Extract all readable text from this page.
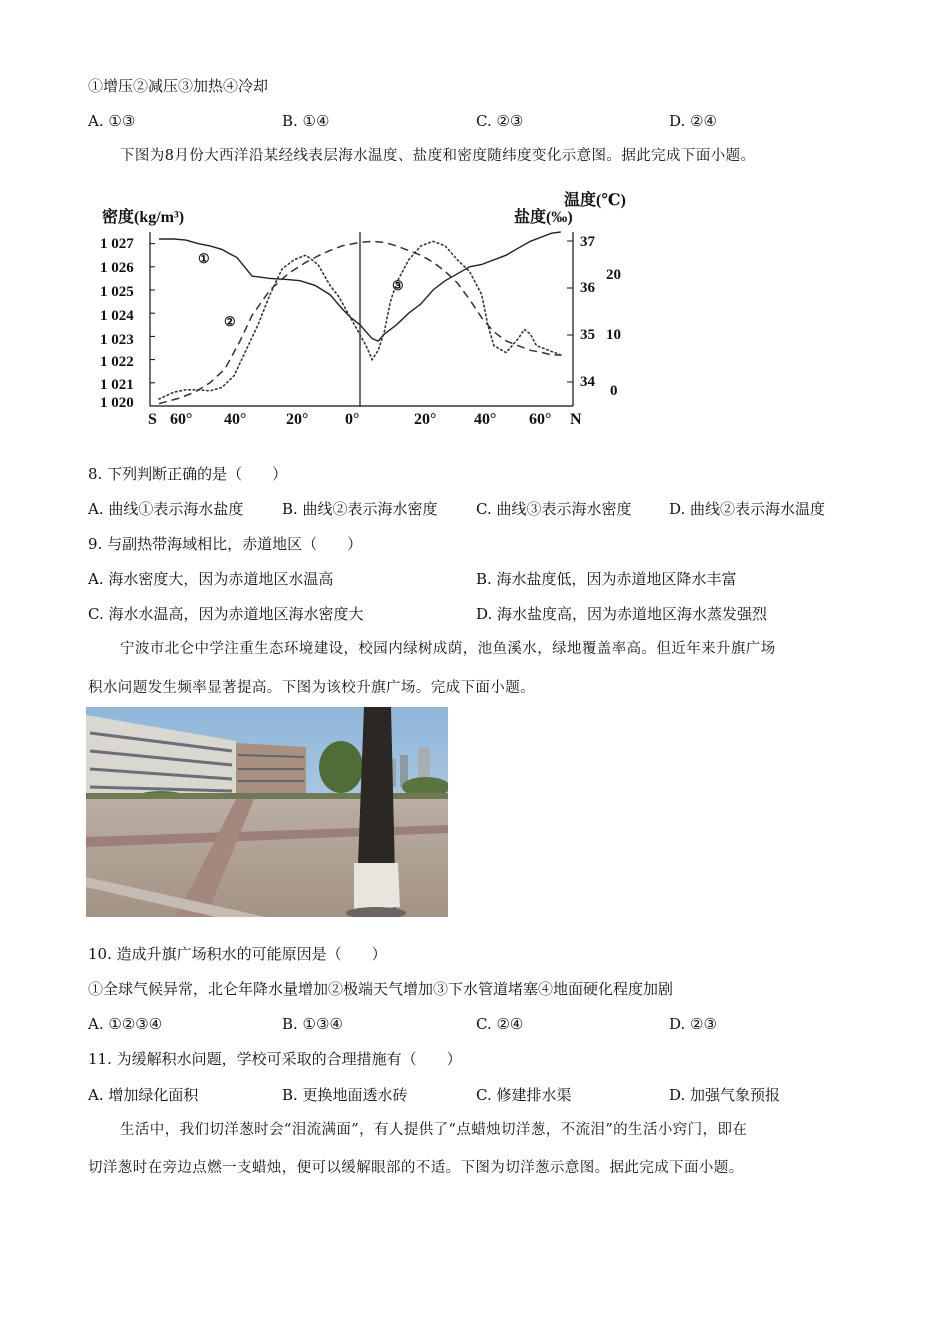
①增压②减压③加热④冷却
A. ①③	B. ①④	C. ②③	D. ②④
下图为8月份大西洋沿某经线表层海水温度、盐度和密度随纬度变化示意图。据此完成下面小题。
密度(kg/m³)
温度(℃)
盐度(‰)
1 027
1 026
1 025
1 024
1 023
1 022
1 021
1 020
37
36
35
34
20
10
0
S 60° 40° 20° 0°	20° 40° 60° N
①
②
③
8. 下列判断正确的是（　　）
A. 曲线①表示海水盐度	B. 曲线②表示海水密度	C. 曲线③表示海水密度	D. 曲线②表示海水温度
9. 与副热带海域相比，赤道地区（　　）
A. 海水密度大，因为赤道地区水温高	B. 海水盐度低，因为赤道地区降水丰富
C. 海水水温高，因为赤道地区海水密度大	D. 海水盐度高，因为赤道地区海水蒸发强烈
宁波市北仑中学注重生态环境建设，校园内绿树成荫，池鱼溪水，绿地覆盖率高。但近年来升旗广场
积水问题发生频率显著提高。下图为该校升旗广场。完成下面小题。
10. 造成升旗广场积水的可能原因是（　　）
①全球气候异常，北仑年降水量增加②极端天气增加③下水管道堵塞④地面硬化程度加剧
A. ①②③④	B. ①③④	C. ②④	D. ②③
11. 为缓解积水问题，学校可采取的合理措施有（　　）
A. 增加绿化面积	B. 更换地面透水砖	C. 修建排水渠	D. 加强气象预报
生活中，我们切洋葱时会“泪流满面”，有人提供了“点蜡烛切洋葱，不流泪”的生活小窍门，即在
切洋葱时在旁边点燃一支蜡烛，便可以缓解眼部的不适。下图为切洋葱示意图。据此完成下面小题。
